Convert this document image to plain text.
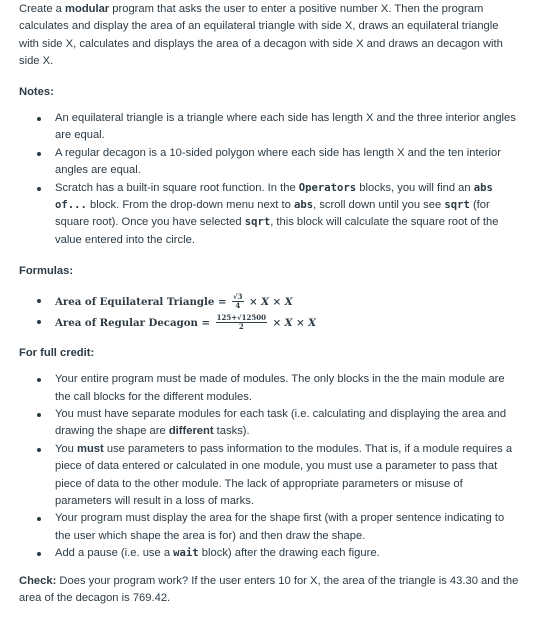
Create a modular program that asks the user to enter a positive number X. Then the program calculates and display the area of an equilateral triangle with side X, draws an equilateral triangle with side X, calculates and displays the area of a decagon with side X and draws an decagon with side X.

Notes:

An equilateral triangle is a triangle where each side has length X and the three interior angles are equal.
A regular decagon is a 10-sided polygon where each side has length X and the ten interior angles are equal.
Scratch has a built-in square root function. In the Operators blocks, you will find an abs of... block. From the drop-down menu next to abs, scroll down until you see sqrt (for square root). Once you have selected sqrt, this block will calculate the square root of the value entered into the circle.

Formulas:

Area of Equilateral Triangle = $\frac{√3}{4} \times X \times X$
Area of Regular Decagon = $\frac{125+√12500}{2} \times X \times X$

For full credit:

Your entire program must be made of modules. The only blocks in the the main module are the call blocks for the different modules.
You must have separate modules for each task (i.e. calculating and displaying the area and drawing the shape are different tasks).
You must use parameters to pass information to the modules. That is, if a module requires a piece of data entered or calculated in one module, you must use a parameter to pass that piece of data to the other module. The lack of appropriate parameters or misuse of parameters will result in a loss of marks.
Your program must display the area for the shape first (with a proper sentence indicating to the user which shape the area is for) and then draw the shape.
Add a pause (i.e. use a wait block) after the drawing each figure.

Check: Does your program work? If the user enters 10 for X, the area of the triangle is 43.30 and the area of the decagon is 769.42.
